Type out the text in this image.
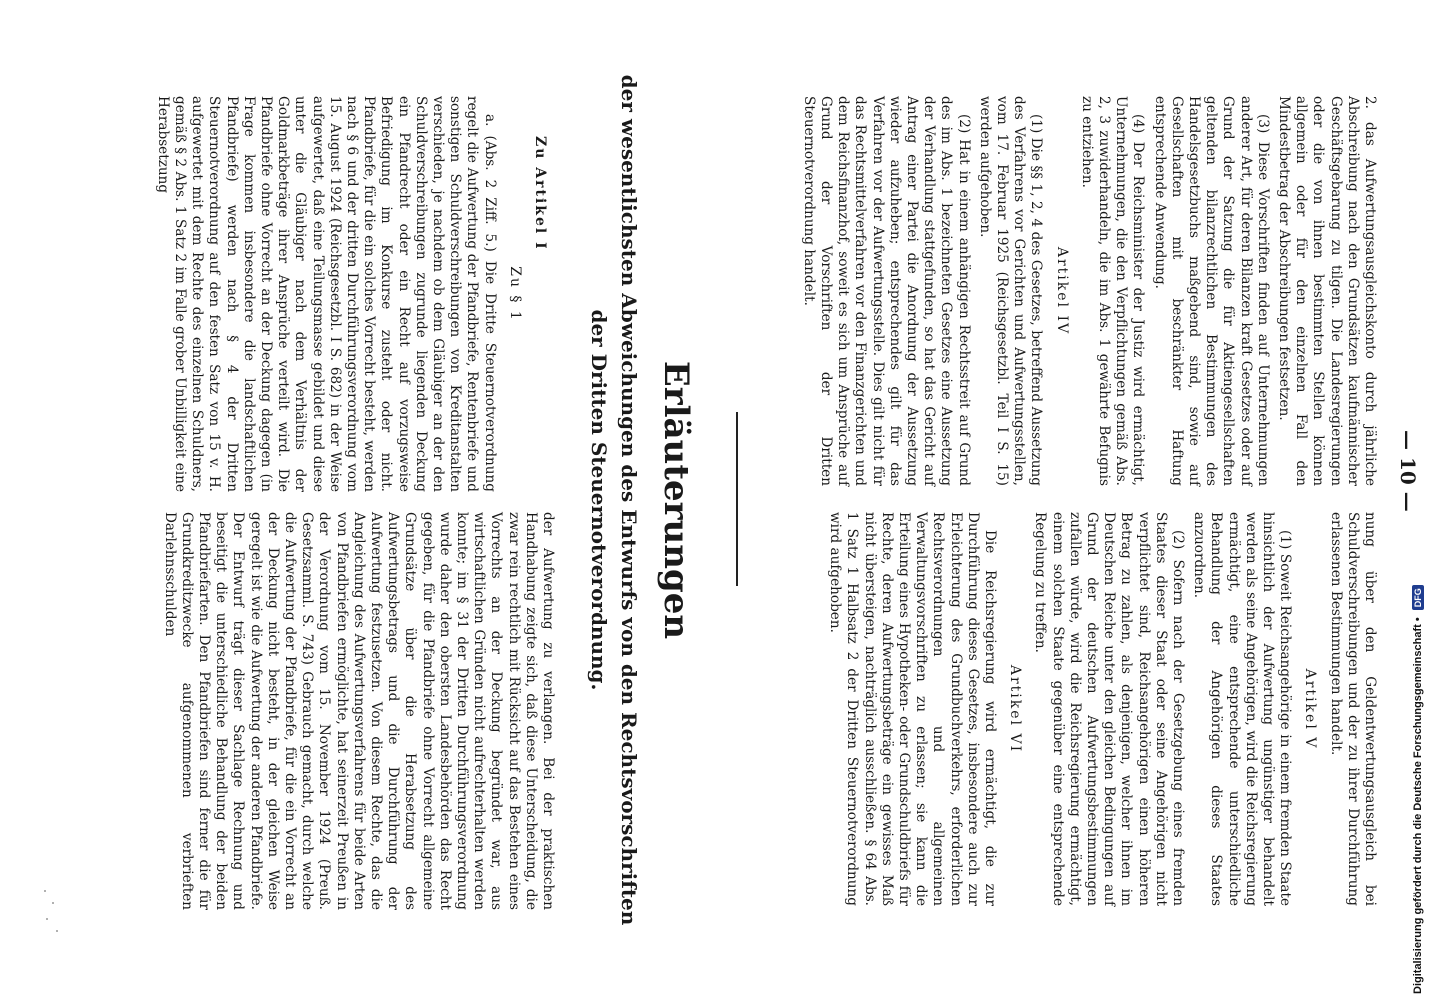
— 10 —

2. das Aufwertungsausgleichskonto durch jährliche Abschreibung nach den Grundsätzen kaufmännischer Geschäftsgebarung zu tilgen. Die Landesregierungen oder die von ihnen bestimmten Stellen können allgemein oder für den einzelnen Fall den Mindestbetrag der Abschreibungen festsetzen.

(3) Diese Vorschriften finden auf Unternehmungen anderer Art, für deren Bilanzen kraft Gesetzes oder auf Grund der Satzung die für Aktiengesellschaften geltenden bilanzrechtlichen Bestimmungen des Handelsgesetzbuchs maßgebend sind, sowie auf Gesellschaften mit beschränkter Haftung entsprechende Anwendung.

(4) Der Reichsminister der Justiz wird ermächtigt, Unternehmungen, die den Verpflichtungen gemäß Abs. 2, 3 zuwiderhandeln, die im Abs. 1 gewährte Befugnis zu entziehen.

Artikel IV

(1) Die §§ 1, 2, 4 des Gesetzes, betreffend Aussetzung des Verfahrens vor Gerichten und Aufwertungsstellen, vom 17. Februar 1925 (Reichsgesetzbl. Teil I S. 15) werden aufgehoben.

(2) Hat in einem anhängigen Rechtsstreit auf Grund des im Abs. 1 bezeichneten Gesetzes eine Aussetzung der Verhandlung stattgefunden, so hat das Gericht auf Antrag einer Partei die Anordnung der Aussetzung wieder aufzuheben; entsprechendes gilt für das Verfahren vor der Aufwertungsstelle. Dies gilt nicht für das Rechtsmittelverfahren vor den Finanzgerichten und dem Reichsfinanzhof, soweit es sich um Ansprüche auf Grund der Vorschriften der Dritten Steuernotverordnung handelt.

nung über den Geldentwertungsausgleich bei Schuldverschreibungen und der zu ihrer Durchführung erlassenen Bestimmungen handelt.

Artikel V

(1) Soweit Reichsangehörige in einem fremden Staate hinsichtlich der Aufwertung ungünstiger behandelt werden als seine Angehörigen, wird die Reichsregierung ermächtigt, eine entsprechende unterschiedliche Behandlung der Angehörigen dieses Staates anzuordnen.

(2) Sofern nach der Gesetzgebung eines fremden Staates dieser Staat oder seine Angehörigen nicht verpflichtet sind, Reichsangehörigen einen höheren Betrag zu zahlen, als denjenigen, welcher ihnen im Deutschen Reiche unter den gleichen Bedingungen auf Grund der deutschen Aufwertungsbestimmungen zufallen würde, wird die Reichsregierung ermächtigt, einem solchen Staate gegenüber eine entsprechende Regelung zu treffen.

Artikel VI

Die Reichsregierung wird ermächtigt, die zur Durchführung dieses Gesetzes, insbesondere auch zur Erleichterung des Grundbuchverkehrs, erforderlichen Rechtsverordnungen und allgemeinen Verwaltungsvorschriften zu erlassen; sie kann die Erteilung eines Hypotheken- oder Grundschuldbriefs für Rechte, deren Aufwertungsbeträge ein gewisses Maß nicht übersteigen, nachträglich ausschließen. § 64 Abs. 1 Satz 1 Halbsatz 2 der Dritten Steuernotverordnung wird aufgehoben.

Erläuterungen
der wesentlichsten Abweichungen des Entwurfs von den Rechtsvorschriften
der Dritten Steuernotverordnung.
Zu Artikel I
Zu § 1

a. (Abs. 2 Ziff. 5.) Die Dritte Steuernotverordnung regelt die Aufwertung der Pfandbriefe, Rentenbriefe und sonstigen Schuldverschreibungen von Kreditanstalten verschieden, je nachdem ob dem Gläubiger an der den Schuldverschreibungen zugrunde liegenden Deckung ein Pfandrecht oder ein Recht auf vorzugsweise Befriedigung im Konkurse zusteht oder nicht. Pfandbriefe, für die ein solches Vorrecht besteht, werden nach § 6 und der dritten Durchführungsverordnung vom 15. August 1924 (Reichsgesetzbl. I S. 682) in der Weise aufgewertet, daß eine Teilungsmasse gebildet und diese unter die Gläubiger nach dem Verhältnis der Goldmarkbeträge ihrer Ansprüche verteilt wird. Die Pfandbriefe ohne Vorrecht an der Deckung dagegen (in Frage kommen insbesondere die landschaftlichen Pfandbriefe) werden nach § 4 der Dritten Steuernotverordnung auf den festen Satz von 15 v. H. aufgewertet mit dem Rechte des einzelnen Schuldners, gemäß § 2 Abs. 1 Satz 2 im Falle grober Unbilligkeit eine Herabsetzung

der Aufwertung zu verlangen. Bei der praktischen Handhabung zeigte sich, daß diese Unterscheidung, die zwar rein rechtlich mit Rücksicht auf das Bestehen eines Vorrechts an der Deckung begründet war, aus wirtschaftlichen Gründen nicht aufrechterhalten werden konnte; im § 31 der Dritten Durchführungsverordnung wurde daher den obersten Landesbehörden das Recht gegeben, für die Pfandbriefe ohne Vorrecht allgemeine Grundsätze über die Herabsetzung des Aufwertungsbetrags und die Durchführung der Aufwertung festzusetzen. Von diesem Rechte, das die Angleichung des Aufwertungsverfahrens für beide Arten von Pfandbriefen ermöglichte, hat seinerzeit Preußen in der Verordnung vom 15. November 1924 (Preuß. Gesetzsamml. S. 743) Gebrauch gemacht, durch welche die Aufwertung der Pfandbriefe, für die ein Vorrecht an der Deckung nicht besteht, in der gleichen Weise geregelt ist wie die Aufwertung der anderen Pfandbriefe. Der Entwurf trägt dieser Sachlage Rechnung und beseitigt die unterschiedliche Behandlung der beiden Pfandbriefarten. Den Pfandbriefen sind ferner die für Grundkreditzwecke aufgenommenen verbrieften Darlehnsschulden

Digitalisierung gefördert durch die Deutsche Forschungsgemeinschaft • DFG
